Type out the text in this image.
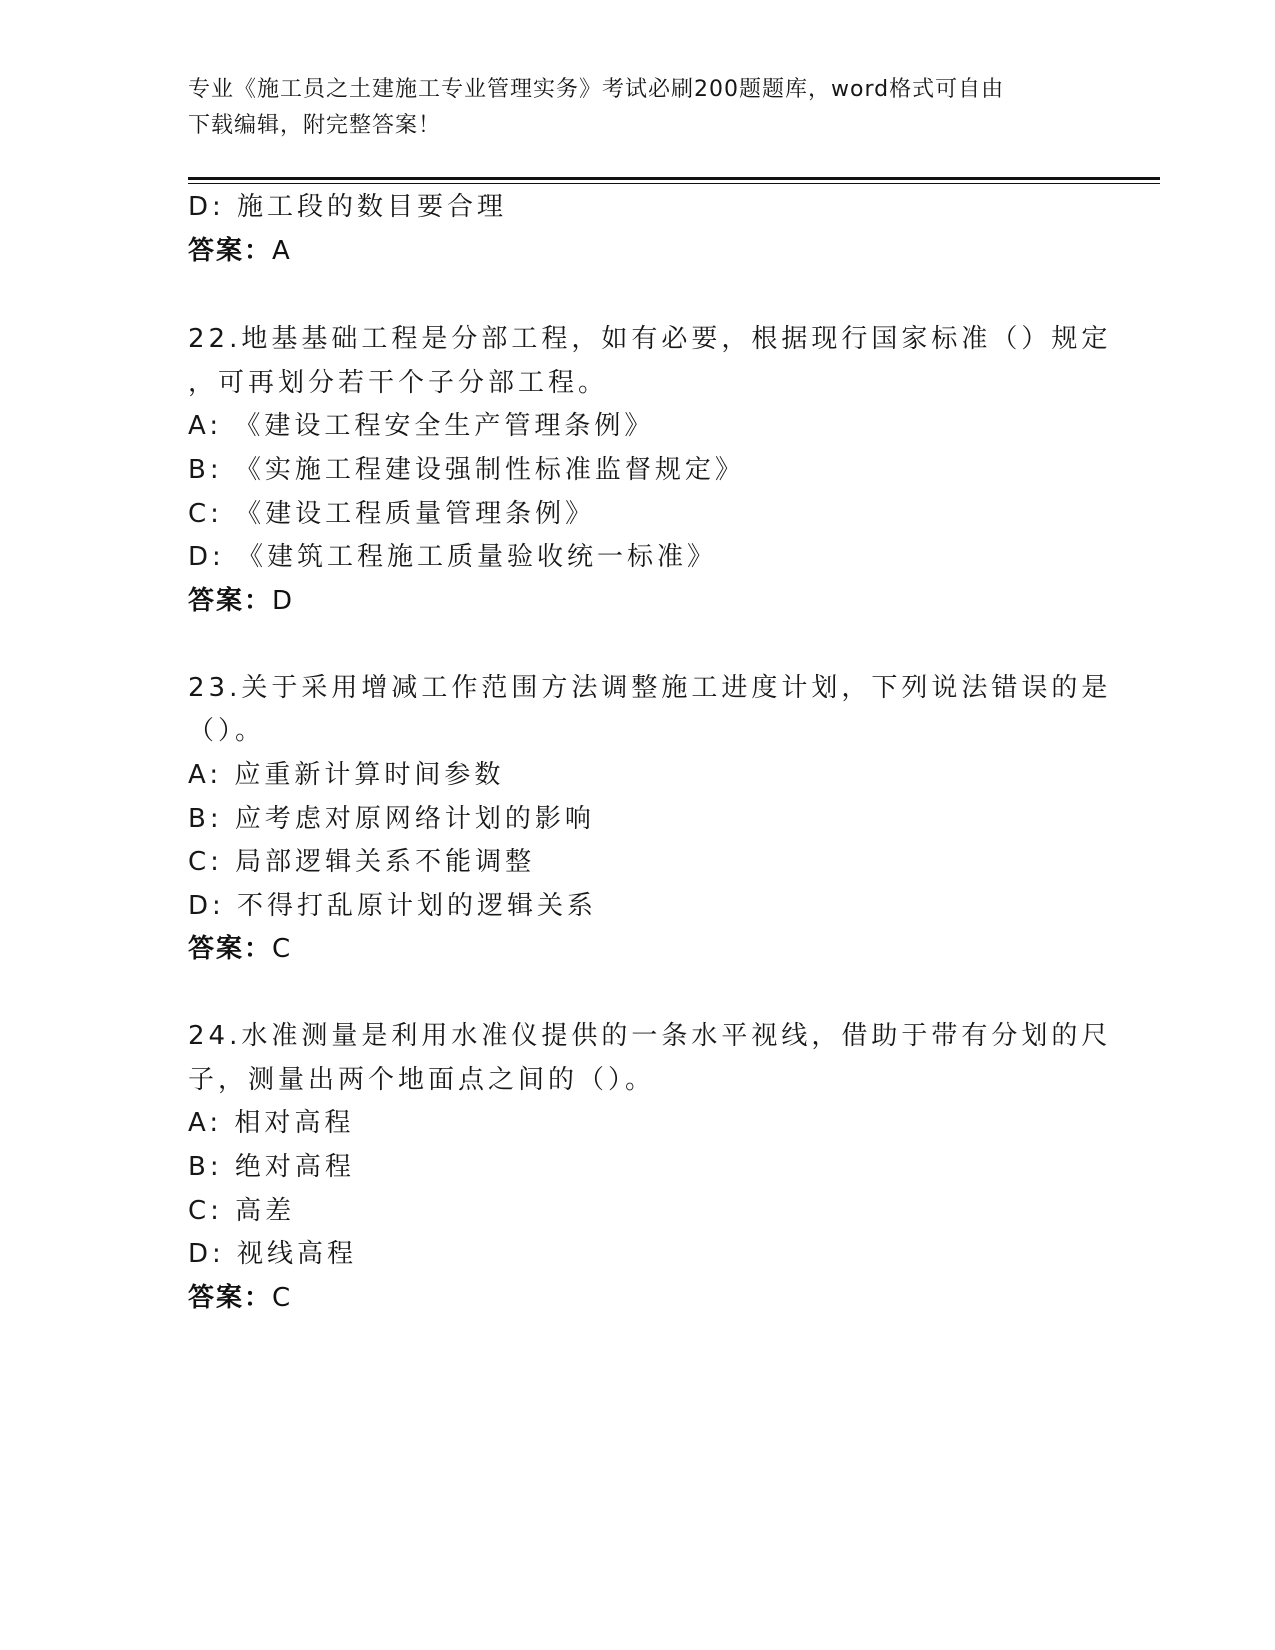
专业《施工员之土建施工专业管理实务》考试必刷200题题库，word格式可自由
下载编辑，附完整答案！
D: 施工段的数目要合理
答案：A
22.地基基础工程是分部工程，如有必要，根据现行国家标准（）规定
，可再划分若干个子分部工程。
A: 《建设工程安全生产管理条例》
B: 《实施工程建设强制性标准监督规定》
C: 《建设工程质量管理条例》
D: 《建筑工程施工质量验收统一标准》
答案：D
23.关于采用增减工作范围方法调整施工进度计划，下列说法错误的是
（）。
A: 应重新计算时间参数
B: 应考虑对原网络计划的影响
C: 局部逻辑关系不能调整
D: 不得打乱原计划的逻辑关系
答案：C
24.水准测量是利用水准仪提供的一条水平视线，借助于带有分划的尺
子，测量出两个地面点之间的（）。
A: 相对高程
B: 绝对高程
C: 高差
D: 视线高程
答案：C
